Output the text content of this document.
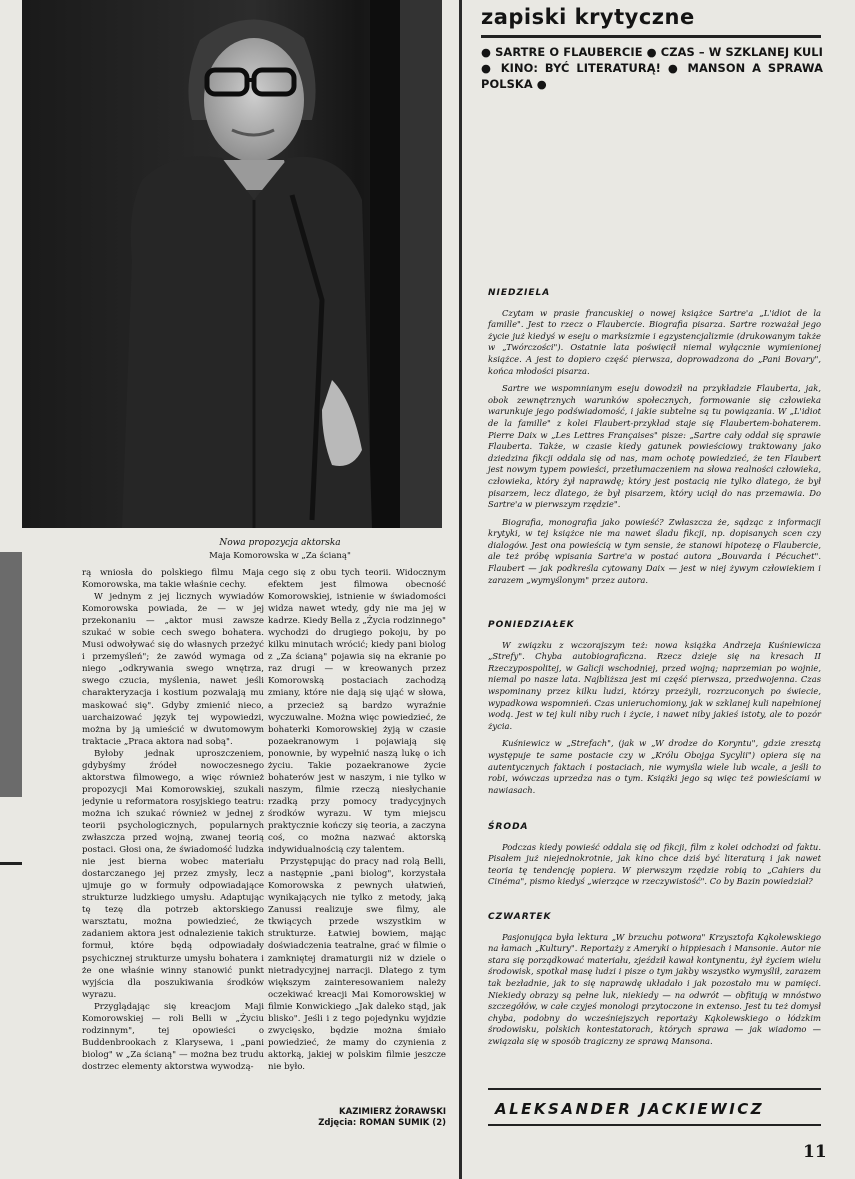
Nowa propozycja aktorska
Maja Komorowska w „Za ścianą"

rą wniosła do polskiego filmu Maja Komorowska, ma takie właśnie cechy.

W jednym z jej licznych wywiadów Komorowska powiada, że — w jej przekonaniu — „aktor musi zawsze szukać w sobie cech swego bohatera. Musi odwoływać się do własnych przeżyć i przemyśleń"; że zawód wymaga od niego „odkrywania swego wnętrza, swego czucia, myślenia, nawet jeśli charakteryzacja i kostium pozwalają mu maskować się". Gdyby zmienić nieco, uarchaizować język tej wypowiedzi, można by ją umieścić w dwutomowym traktacie „Praca aktora nad sobą".

Byłoby jednak uproszczeniem, gdybyśmy źródeł nowoczesnego aktorstwa filmowego, a więc również propozycji Mai Komorowskiej, szukali jedynie u reformatora rosyjskiego teatru: można ich szukać również w jednej z teorii psychologicznych, popularnych zwłaszcza przed wojną, zwanej teorią postaci. Głosi ona, że świadomość ludzka nie jest bierna wobec materiału dostarczanego jej przez zmysły, lecz ujmuje go w formuły odpowiadające strukturze ludzkiego umysłu. Adaptując tę tezę dla potrzeb aktorskiego warsztatu, można powiedzieć, że zadaniem aktora jest odnalezienie takich formuł, które będą odpowiadały psychicznej strukturze umysłu bohatera i że one właśnie winny stanowić punkt wyjścia dla poszukiwania środków wyrazu.

Przyglądając się kreacjom Maji Komorowskiej — roli Belli w „Życiu rodzinnym", tej opowieści o Buddenbrookach z Klarysewa, i „pani biolog" w „Za ścianą" — można bez trudu dostrzec elementy aktorstwa wywodzą-

cego się z obu tych teorii. Widocznym efektem jest filmowa obecność Komorowskiej, istnienie w świadomości widza nawet wtedy, gdy nie ma jej w kadrze. Kiedy Bella z „Życia rodzinnego" wychodzi do drugiego pokoju, by po kilku minutach wrócić; kiedy pani biolog z „Za ścianą" pojawia się na ekranie po raz drugi — w kreowanych przez Komorowską postaciach zachodzą zmiany, które nie dają się ująć w słowa, a przecież są bardzo wyraźnie wyczuwalne. Można więc powiedzieć, że bohaterki Komorowskiej żyją w czasie pozaekranowym i pojawiają się ponownie, by wypełnić naszą lukę o ich życiu. Takie pozaekranowe życie bohaterów jest w naszym, i nie tylko w naszym, filmie rzeczą niesłychanie rzadką przy pomocy tradycyjnych środków wyrazu. W tym miejscu praktycznie kończy się teoria, a zaczyna coś, co można nazwać aktorską indywidualnością czy talentem.

Przystępując do pracy nad rolą Belli, a następnie „pani biolog", korzystała Komorowska z pewnych ułatwień, wynikających nie tylko z metody, jaką Zanussi realizuje swe filmy, ale tkwiących przede wszystkim w strukturze. Łatwiej bowiem, mając doświadczenia teatralne, grać w filmie o zamkniętej dramaturgii niż w dziele o nietradycyjnej narracji. Dlatego z tym większym zainteresowaniem należy oczekiwać kreacji Mai Komorowskiej w filmie Konwickiego „Jak daleko stąd, jak blisko". Jeśli i z tego pojedynku wyjdzie zwycięsko, będzie można śmiało powiedzieć, że mamy do czynienia z aktorką, jakiej w polskim filmie jeszcze nie było.

KAZIMIERZ ŻORAWSKI
Zdjęcia: ROMAN SUMIK (2)
zapiski krytyczne
● SARTRE O FLAUBERCIE ● CZAS – W SZKLANEJ KULI ● KINO: BYĆ LITERATURĄ! ● MANSON A SPRAWA POLSKA ●
NIEDZIELA

Czytam w prasie francuskiej o nowej książce Sartre'a „L'idiot de la famille". Jest to rzecz o Flaubercie. Biografia pisarza. Sartre rozważał jego życie już kiedyś w eseju o marksizmie i egzystencjalizmie (drukowanym także w „Twórczości"). Ostatnie lata poświęcił niemal wyłącznie wymienionej książce. A jest to dopiero część pierwsza, doprowadzona do „Pani Bovary", końca młodości pisarza.

Sartre we wspomnianym eseju dowodził na przykładzie Flauberta, jak, obok zewnętrznych warunków społecznych, formowanie się człowieka warunkuje jego podświadomość, i jakie subtelne są tu powiązania. W „L'idiot de la famille" z kolei Flaubert-przykład staje się Flaubertem-bohaterem. Pierre Daix w „Les Lettres Françaises" pisze: „Sartre cały oddał się sprawie Flauberta. Także, w czasie kiedy gatunek powieściowy traktowany jako dziedzina fikcji oddala się od nas, mam ochotę powiedzieć, że ten Flaubert jest nowym typem powieści, przetłumaczeniem na słowa realności człowieka, człowieka, który żył naprawdę; który jest postacią nie tylko dlatego, że był pisarzem, lecz dlatego, że był pisarzem, który uciął do nas przemawia. Do Sartre'a w pierwszym rzędzie".

Biografia, monografia jako powieść? Zwłaszcza że, sądząc z informacji krytyki, w tej książce nie ma nawet śladu fikcji, np. dopisanych scen czy dialogów. Jest ona powieścią w tym sensie, że stanowi hipotezę o Flaubercie, ale też próbę wpisania Sartre'a w postać autora „Bouvarda i Pécuchet". Flaubert — jak podkreśla cytowany Daix — jest w niej żywym człowiekiem i zarazem „wymyślonym" przez autora.

PONIEDZIAŁEK

W związku z wczorajszym też: nowa książka Andrzeja Kuśniewicza „Strefy". Chyba autobiograficzna. Rzecz dzieje się na kresach II Rzeczypospolitej, w Galicji wschodniej, przed wojną; naprzemian po wojnie, niemal po nasze lata. Najbliższa jest mi część pierwsza, przedwojenna. Czas wspominany przez kilku ludzi, którzy przeżyli, rozrzuconych po świecie, wypadkowa wspomnień. Czas unieruchomiony, jak w szklanej kuli napełnionej wodą. Jest w tej kuli niby ruch i życie, i nawet niby jakieś istoty, ale to pozór życia.

Kuśniewicz w „Strefach", (jak w „W drodze do Koryntu", gdzie zresztą występuje te same postacie czy w „Królu Obojga Sycylii") opiera się na autentycznych faktach i postaciach, nie wymyśla wiele lub wcale, a jeśli to robi, wówczas uprzedza nas o tym. Książki jego są więc też powieściami w nawiasach.

ŚRODA

Podczas kiedy powieść oddala się od fikcji, film z kolei odchodzi od faktu. Pisałem już niejednokrotnie, jak kino chce dziś być literaturą i jak nawet teoria tę tendencję popiera. W pierwszym rzędzie robią to „Cahiers du Cinéma", pismo kiedyś „wierzące w rzeczywistość". Co by Bazin powiedział?

CZWARTEK

Pasjonująca była lektura „W brzuchu potwora" Krzysztofa Kąkolewskiego na łamach „Kultury". Reportaży z Ameryki o hippiesach i Mansonie. Autor nie stara się porządkować materiału, zjeździł kawał kontynentu, żył życiem wielu środowisk, spotkał masę ludzi i pisze o tym jakby wszystko wymyślił, zarazem tak bezładnie, jak to się naprawdę układało i jak pozostało mu w pamięci. Niekiedy obrazy są pełne luk, niekiedy — na odwrót — obfitują w mnóstwo szczegółów, w całe czyjeś monologi przytoczone in extenso. Jest tu też domysł chyba, podobny do wcześniejszych reportaży Kąkolewskiego o łódzkim środowisku, polskich kontestatorach, których sprawa — jak wiadomo — związała się w sposób tragiczny ze sprawą Mansona.

ALEKSANDER JACKIEWICZ
11
